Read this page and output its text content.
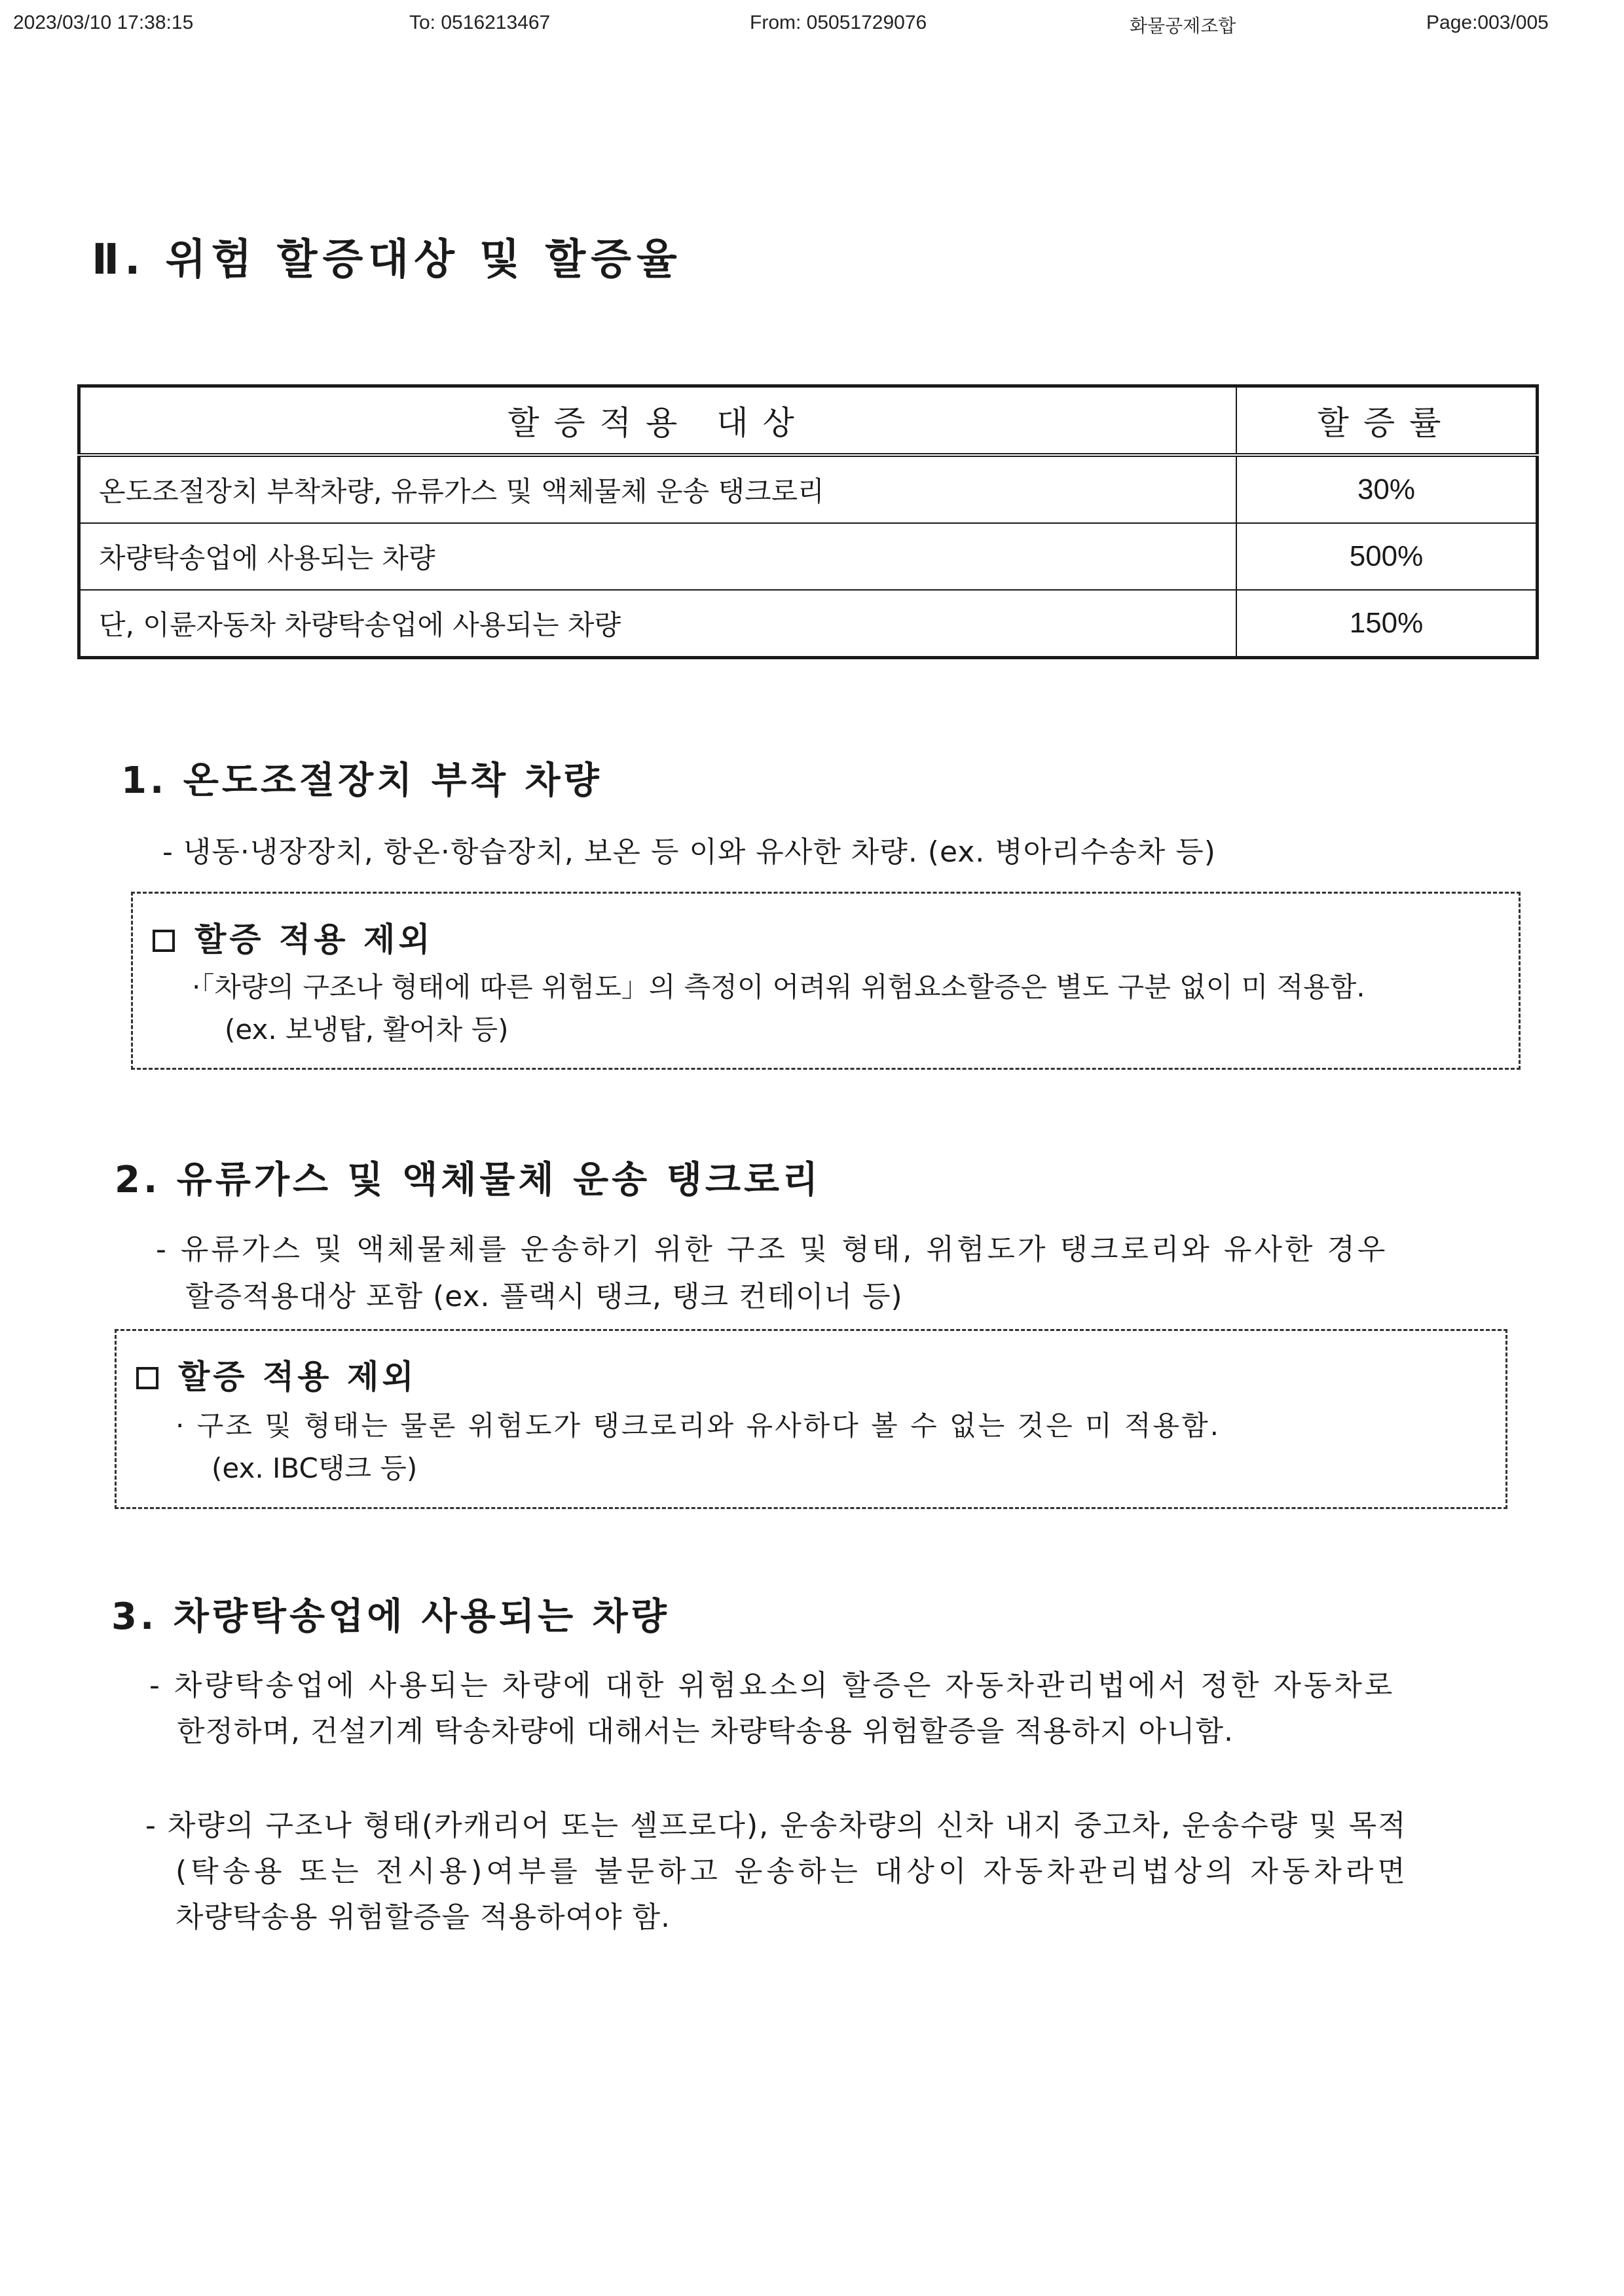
2023/03/10 17:38:15	To: 0516213467	From: 05051729076	화물공제조합	Page:003/005
Ⅱ. 위험 할증대상 및 할증율
할증적용 대상	할증률
온도조절장치 부착차량, 유류가스 및 액체물체 운송 탱크로리	30%
차량탁송업에 사용되는 차량	500%
단, 이륜자동차 차량탁송업에 사용되는 차량	150%
1. 온도조절장치 부착 차량
- 냉동·냉장장치, 항온·항습장치, 보온 등 이와 유사한 차량. (ex. 병아리수송차 등)
할증 적용 제외
·「차량의 구조나 형태에 따른 위험도」의 측정이 어려워 위험요소할증은 별도 구분 없이 미 적용함.
(ex. 보냉탑, 활어차 등)
2. 유류가스 및 액체물체 운송 탱크로리
- 유류가스 및 액체물체를 운송하기 위한 구조 및 형태, 위험도가 탱크로리와 유사한 경우
할증적용대상 포함 (ex. 플랙시 탱크, 탱크 컨테이너 등)
할증 적용 제외
· 구조 및 형태는 물론 위험도가 탱크로리와 유사하다 볼 수 없는 것은 미 적용함.
(ex. IBC탱크 등)
3. 차량탁송업에 사용되는 차량
- 차량탁송업에 사용되는 차량에 대한 위험요소의 할증은 자동차관리법에서 정한 자동차로
한정하며, 건설기계 탁송차량에 대해서는 차량탁송용 위험할증을 적용하지 아니함.
- 차량의 구조나 형태(카캐리어 또는 셀프로다), 운송차량의 신차 내지 중고차, 운송수량 및 목적
(탁송용 또는 전시용)여부를 불문하고 운송하는 대상이 자동차관리법상의 자동차라면
차량탁송용 위험할증을 적용하여야 함.
